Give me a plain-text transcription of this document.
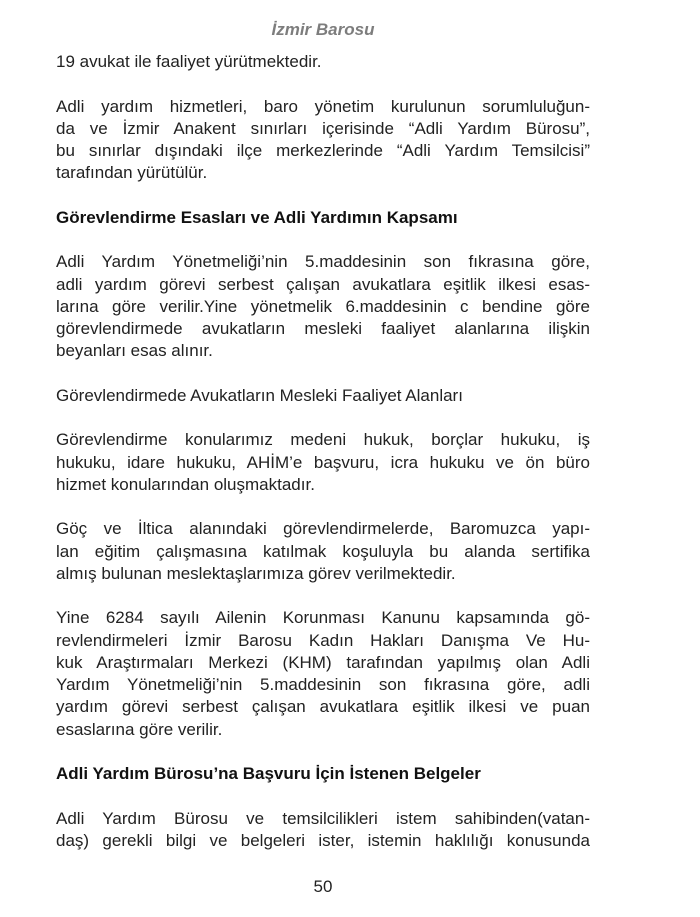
İzmir Barosu
19 avukat ile faaliyet yürütmektedir.
Adli yardım hizmetleri, baro yönetim kurulunun sorumluluğun-
da ve İzmir Anakent sınırları içerisinde “Adli Yardım Bürosu”,
bu sınırlar dışındaki ilçe merkezlerinde “Adli Yardım Temsilcisi”
tarafından yürütülür.
Görevlendirme Esasları ve Adli Yardımın Kapsamı
Adli Yardım Yönetmeliği’nin 5.maddesinin son fıkrasına göre,
adli yardım görevi serbest çalışan avukatlara eşitlik ilkesi esas-
larına göre verilir.Yine yönetmelik 6.maddesinin c bendine göre
görevlendirmede avukatların mesleki faaliyet alanlarına ilişkin
beyanları esas alınır.
Görevlendirmede Avukatların Mesleki Faaliyet Alanları
Görevlendirme konularımız medeni hukuk, borçlar hukuku, iş
hukuku, idare hukuku, AHİM’e başvuru, icra hukuku ve ön büro
hizmet konularından oluşmaktadır.
Göç ve İltica alanındaki görevlendirmelerde, Baromuzca yapı-
lan eğitim çalışmasına katılmak koşuluyla bu alanda sertifika
almış bulunan meslektaşlarımıza görev verilmektedir.
Yine 6284 sayılı Ailenin Korunması Kanunu kapsamında gö-
revlendirmeleri İzmir Barosu Kadın Hakları Danışma Ve Hu-
kuk Araştırmaları Merkezi (KHM) tarafından yapılmış olan Adli
Yardım Yönetmeliği’nin 5.maddesinin son fıkrasına göre, adli
yardım görevi serbest çalışan avukatlara eşitlik ilkesi ve puan
esaslarına göre verilir.
Adli Yardım Bürosu’na Başvuru İçin İstenen Belgeler
Adli Yardım Bürosu ve temsilcilikleri istem sahibinden(vatan-
daş) gerekli bilgi ve belgeleri ister, istemin haklılığı konusunda
50
